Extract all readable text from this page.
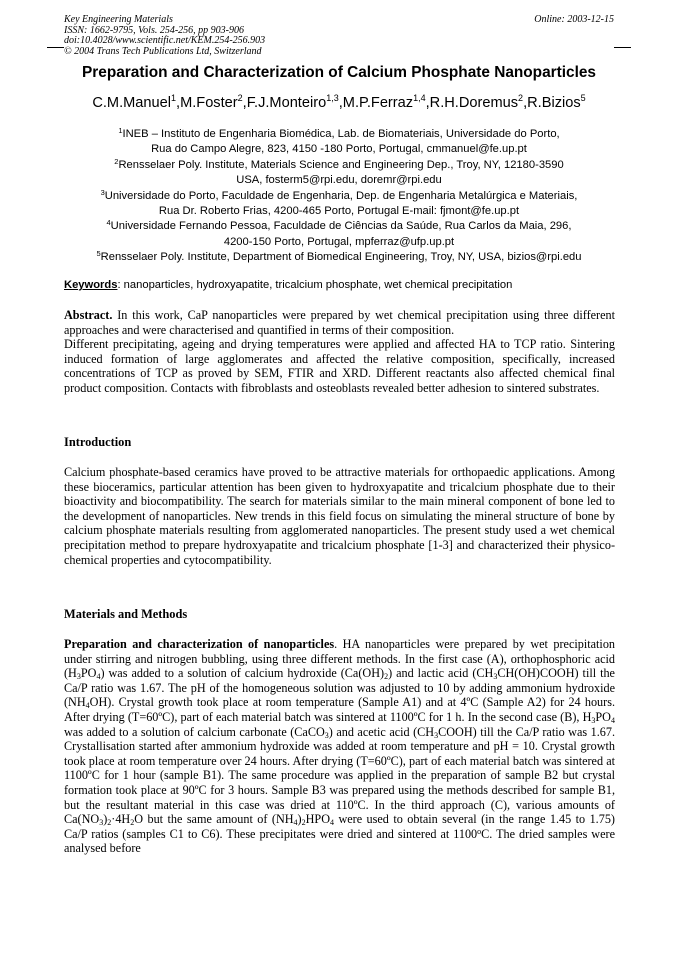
Key Engineering Materials
ISSN: 1662-9795, Vols. 254-256, pp 903-906
doi:10.4028/www.scientific.net/KEM.254-256.903
© 2004 Trans Tech Publications Ltd, Switzerland
Online: 2003-12-15
Preparation and Characterization of Calcium Phosphate Nanoparticles
C.M.Manuel$^1$,M.Foster$^2$,F.J.Monteiro$^{1,3}$,M.P.Ferraz$^{1,4}$,R.H.Doremus$^2$,R.Bizios$^5$
$^1$INEB – Instituto de Engenharia Biomédica, Lab. de Biomateriais, Universidade do Porto,
Rua do Campo Alegre, 823, 4150 -180 Porto, Portugal, cmmanuel@fe.up.pt
$^2$Rensselaer Poly. Institute, Materials Science and Engineering Dep., Troy, NY, 12180-3590
USA, fosterm5@rpi.edu, doremr@rpi.edu
$^3$Universidade do Porto, Faculdade de Engenharia, Dep. de Engenharia Metalúrgica e Materiais,
Rua Dr. Roberto Frias, 4200-465 Porto, Portugal E-mail: fjmont@fe.up.pt
$^4$Universidade Fernando Pessoa, Faculdade de Ciências da Saúde, Rua Carlos da Maia, 296,
4200-150 Porto, Portugal, mpferraz@ufp.up.pt
$^5$Rensselaer Poly. Institute, Department of Biomedical Engineering, Troy, NY, USA, bizios@rpi.edu
Keywords: nanoparticles, hydroxyapatite, tricalcium phosphate, wet chemical precipitation

Abstract. In this work, CaP nanoparticles were prepared by wet chemical precipitation using three different approaches and were characterised and quantified in terms of their composition.

Different precipitating, ageing and drying temperatures were applied and affected HA to TCP ratio. Sintering induced formation of large agglomerates and affected the relative composition, specifically, increased concentrations of TCP as proved by SEM, FTIR and XRD. Different reactants also affected chemical final product composition. Contacts with fibroblasts and osteoblasts revealed better adhesion to sintered substrates.

Introduction
Calcium phosphate-based ceramics have proved to be attractive materials for orthopaedic applications. Among these bioceramics, particular attention has been given to hydroxyapatite and tricalcium phosphate due to their bioactivity and biocompatibility. The search for materials similar to the main mineral component of bone led to the development of nanoparticles. New trends in this field focus on simulating the mineral structure of bone by calcium phosphate materials resulting from agglomerated nanoparticles. The present study used a wet chemical precipitation method to prepare hydroxyapatite and tricalcium phosphate [1-3] and characterized their physico-chemical properties and cytocompatibility.
Materials and Methods

Preparation and characterization of nanoparticles. HA nanoparticles were prepared by wet precipitation under stirring and nitrogen bubbling, using three different methods. In the first case (A), orthophosphoric acid $(H_3PO_4)$ was added to a solution of calcium hydroxide $(Ca(OH)_2)$ and lactic acid $(CH_3CH(OH)COOH)$ till the Ca/P ratio was 1.67. The pH of the homogeneous solution was adjusted to 10 by adding ammonium hydroxide $(NH_4OH)$. Crystal growth took place at room temperature (Sample A1) and at 4ºC (Sample A2) for 24 hours. After drying (T=60ºC), part of each material batch was sintered at 1100ºC for 1 h. In the second case (B), $H_3PO_4$ was added to a solution of calcium carbonate (CaCO$_3$) and acetic acid $(CH_3COOH)$ till the Ca/P ratio was 1.67. Crystallisation started after ammonium hydroxide was added at room temperature and pH = 10. Crystal growth took place at room temperature over 24 hours. After drying (T=60ºC), part of each material batch was sintered at 1100ºC for 1 hour (sample B1). The same procedure was applied in the preparation of sample B2 but crystal formation took place at 90ºC for 3 hours. Sample B3 was prepared using the methods described for sample B1, but the resultant material in this case was dried at 110ºC. In the third approach (C), various amounts of $Ca(NO_3)_2\cdot 4H_2O$ but the same amount of $(NH_4)_2HPO_4$ were used to obtain several (in the range 1.45 to 1.75) Ca/P ratios (samples C1 to C6). These precipitates were dried and sintered at 1100$^o$C. The dried samples were analysed before
